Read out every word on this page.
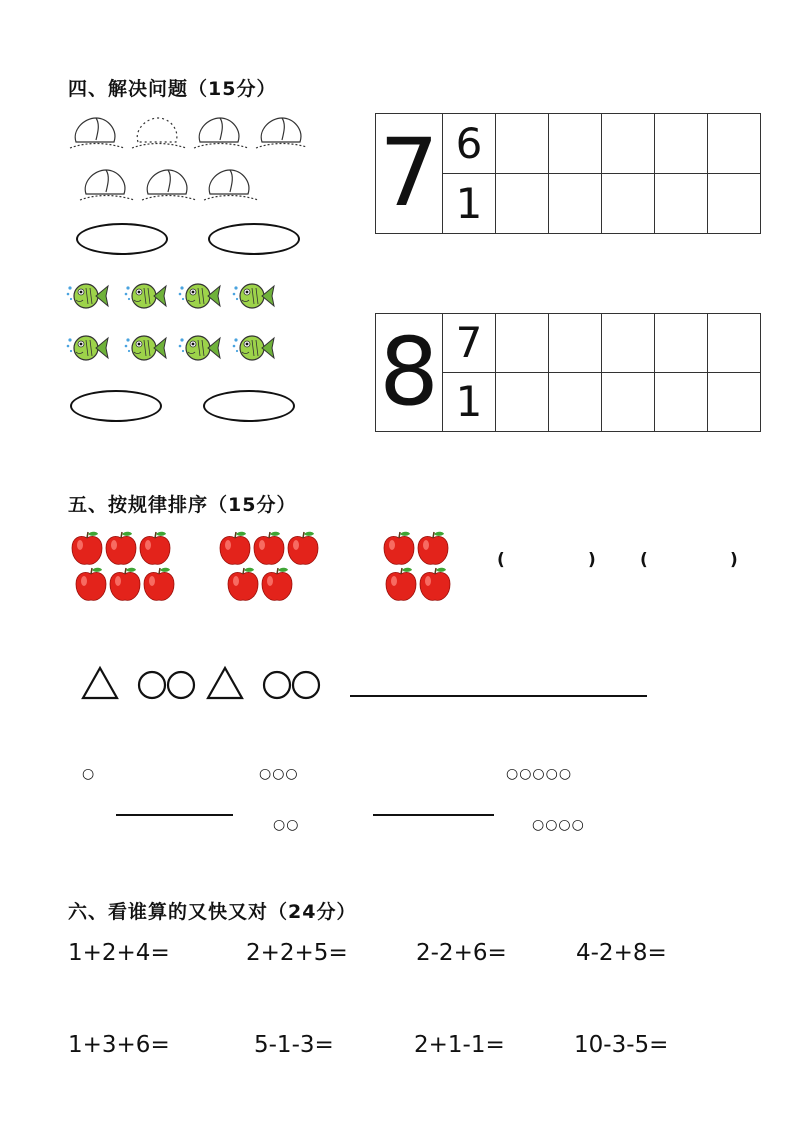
四、解决问题（15分）
7	6					
	1					
8	7					
	1					
五、按规律排序（15分）
(	)	(	)
○	○○○	○○○○○
○○	○○○○
六、看谁算的又快又对（24分）
1+2+4=	2+2+5=	2-2+6=	4-2+8=
1+3+6=	5-1-3=	2+1-1=	10-3-5=
